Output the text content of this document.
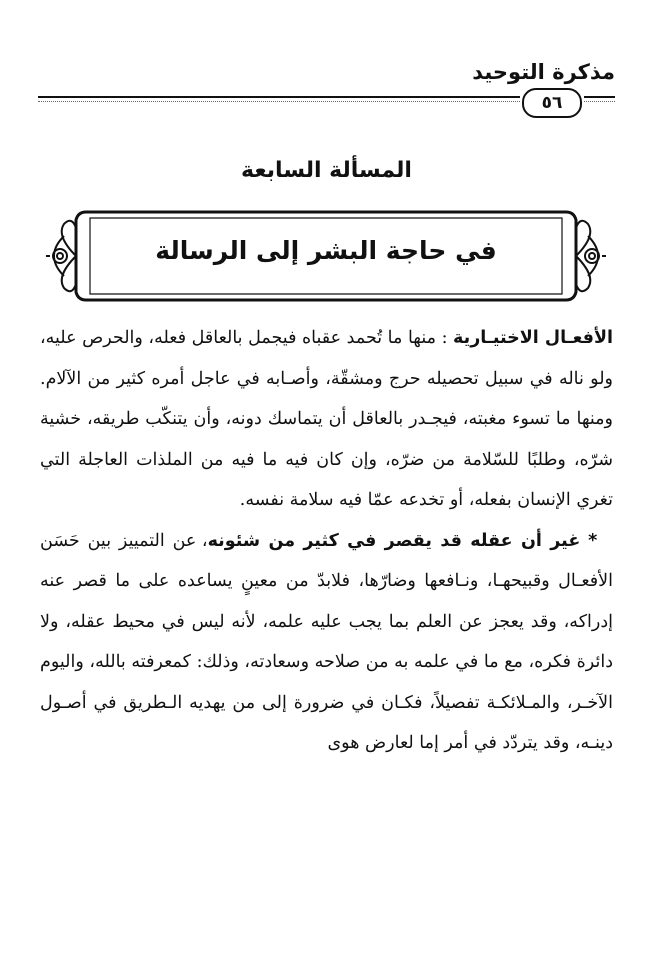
مذكرة التوحيد
٥٦
المسألة السابعة
في حاجة البشر إلى الرسالة

الأفعـال الاختيـارية : منها ما تُحمد عقباه فيجمل بالعاقل فعله، والحرص عليه، ولو ناله في سبيل تحصيله حرج ومشقّة، وأصـابه في عاجل أمره كثير من الآلام. ومنها ما تسوء مغبته، فيجـدر بالعاقل أن يتماسك دونه، وأن يتنكّب طريقه، خشية شرّه، وطلبًا للسّلامة من ضرّه، وإن كان فيه ما فيه من الملذات العاجلة التي تغري الإنسان بفعله، أو تخدعه عمّا فيه سلامة نفسه.

* غير أن عقله قد يقصر في كثير من شئونه، عن التمييز بين حَسَن الأفعـال وقبيحهـا، ونـافعها وضارّها، فلابدّ من معينٍ يساعده على ما قصر عنه إدراكه، وقد يعجز عن العلم بما يجب عليه علمه، لأنه ليس في محيط عقله، ولا دائرة فكره، مع ما في علمه به من صلاحه وسعادته، وذلك: كمعرفته بالله، واليوم الآخـر، والمـلائكـة تفصيلاً، فكـان في ضرورة إلى من يهديه الـطريق في أصـول دينـه، وقد يتردّد في أمر إما لعارض هوى
